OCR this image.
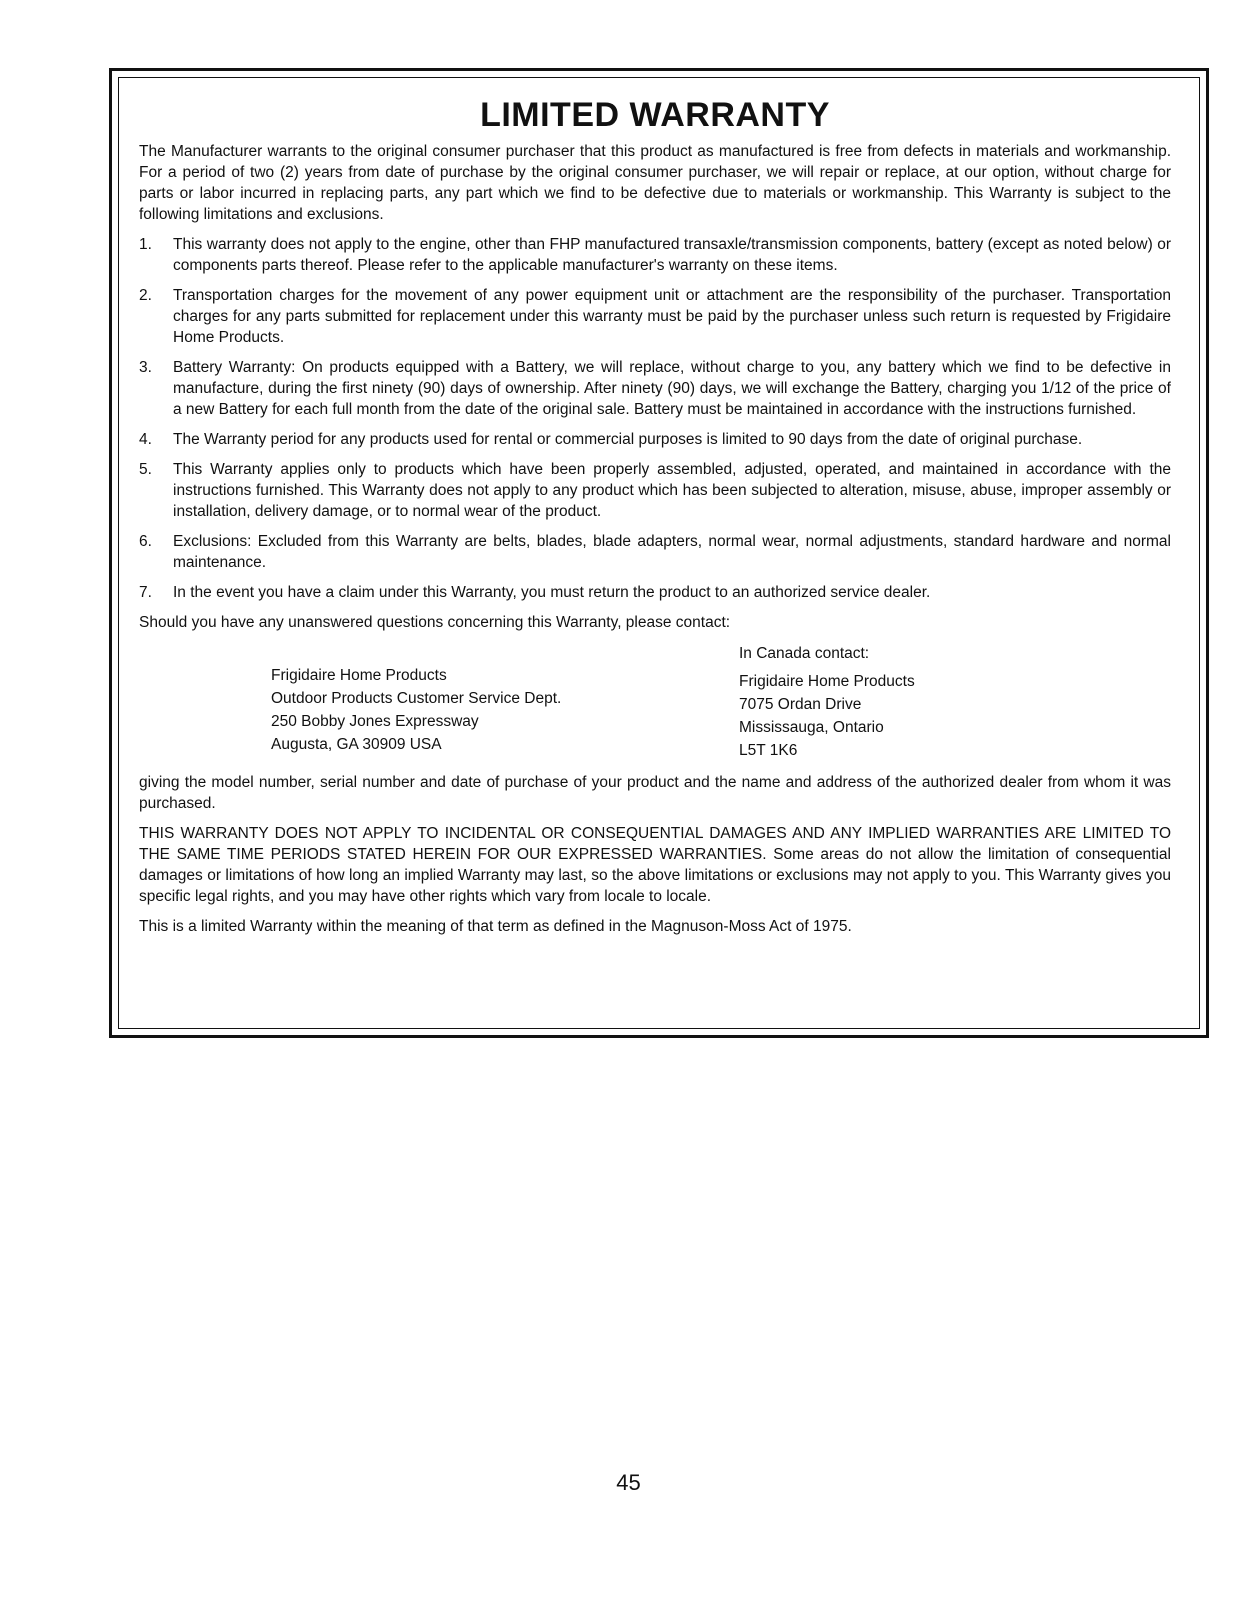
LIMITED WARRANTY

The Manufacturer warrants to the original consumer purchaser that this product as manufactured is free from defects in materials and workmanship. For a period of two (2) years from date of purchase by the original consumer purchaser, we will repair or replace, at our option, without charge for parts or labor incurred in replacing parts, any part which we find to be defective due to materials or workmanship. This Warranty is subject to the following limitations and exclusions.

1.	This warranty does not apply to the engine, other than FHP manufactured transaxle/transmission components, battery (except as noted below) or components parts thereof. Please refer to the applicable manufacturer's warranty on these items.
2.	Transportation charges for the movement of any power equipment unit or attachment are the responsibility of the purchaser. Transportation charges for any parts submitted for replacement under this warranty must be paid by the purchaser unless such return is requested by Frigidaire Home Products.
3.	Battery Warranty: On products equipped with a Battery, we will replace, without charge to you, any battery which we find to be defective in manufacture, during the first ninety (90) days of ownership. After ninety (90) days, we will exchange the Battery, charging you 1/12 of the price of a new Battery for each full month from the date of the original sale. Battery must be maintained in accordance with the instructions furnished.
4.	The Warranty period for any products used for rental or commercial purposes is limited to 90 days from the date of original purchase.
5.	This Warranty applies only to products which have been properly assembled, adjusted, operated, and maintained in accordance with the instructions furnished. This Warranty does not apply to any product which has been subjected to alteration, misuse, abuse, improper assembly or installation, delivery damage, or to normal wear of the product.
6.	Exclusions: Excluded from this Warranty are belts, blades, blade adapters, normal wear, normal adjustments, standard hardware and normal maintenance.
7.	In the event you have a claim under this Warranty, you must return the product to an authorized service dealer.

Should you have any unanswered questions concerning this Warranty, please contact:

Frigidaire Home Products
Outdoor Products Customer Service Dept.
250 Bobby Jones Expressway
Augusta, GA 30909 USA
In Canada contact:
Frigidaire Home Products
7075 Ordan Drive
Mississauga, Ontario
L5T 1K6

giving the model number, serial number and date of purchase of your product and the name and address of the authorized dealer from whom it was purchased.

THIS WARRANTY DOES NOT APPLY TO INCIDENTAL OR CONSEQUENTIAL DAMAGES AND ANY IMPLIED WARRANTIES ARE LIMITED TO THE SAME TIME PERIODS STATED HEREIN FOR OUR EXPRESSED WARRANTIES. Some areas do not allow the limitation of consequential damages or limitations of how long an implied Warranty may last, so the above limitations or exclusions may not apply to you. This Warranty gives you specific legal rights, and you may have other rights which vary from locale to locale.

This is a limited Warranty within the meaning of that term as defined in the Magnuson-Moss Act of 1975.

45
